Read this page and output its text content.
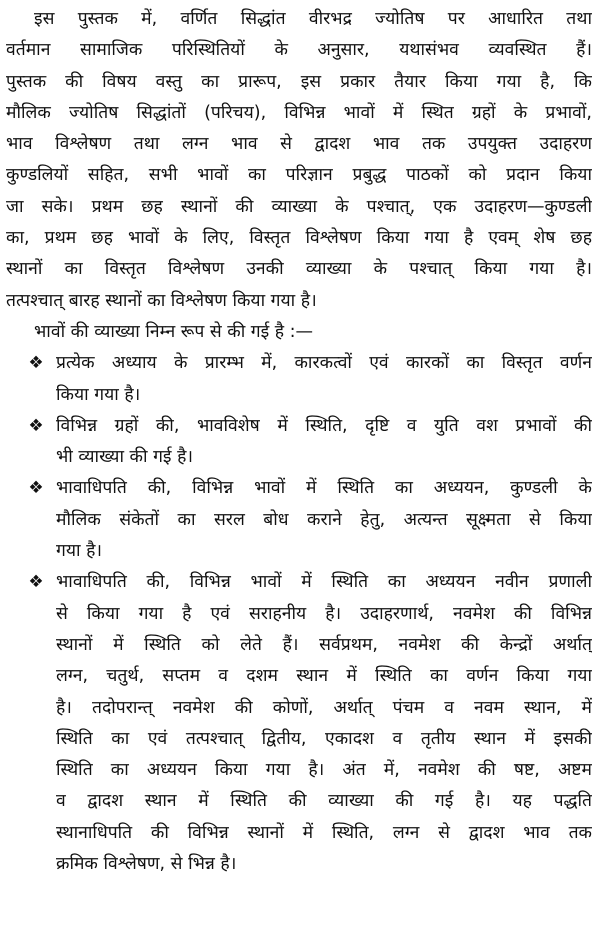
इस पुस्तक में, वर्णित सिद्धांत वीरभद्र ज्योतिष पर आधारित तथा
वर्तमान सामाजिक परिस्थितियों के अनुसार, यथासंभव व्यवस्थित हैं।
पुस्तक की विषय वस्तु का प्रारूप, इस प्रकार तैयार किया गया है, कि
मौलिक ज्योतिष सिद्धांतों (परिचय), विभिन्न भावों में स्थित ग्रहों के प्रभावों,
भाव विश्लेषण तथा लग्न भाव से द्वादश भाव तक उपयुक्त उदाहरण
कुण्डलियों सहित, सभी भावों का परिज्ञान प्रबुद्ध पाठकों को प्रदान किया
जा सके। प्रथम छह स्थानों की व्याख्या के पश्चात्, एक उदाहरण—कुण्डली
का, प्रथम छह भावों के लिए, विस्तृत विश्लेषण किया गया है एवम् शेष छह
स्थानों का विस्तृत विश्लेषण उनकी व्याख्या के पश्चात् किया गया है।
तत्पश्चात् बारह स्थानों का विश्लेषण किया गया है।

भावों की व्याख्या निम्न रूप से की गई है :—

❖ प्रत्येक अध्याय के प्रारम्भ में, कारकत्वों एवं कारकों का विस्तृत वर्णन
किया गया है।
❖ विभिन्न ग्रहों की, भावविशेष में स्थिति, दृष्टि व युति वश प्रभावों की
भी व्याख्या की गई है।
❖ भावाधिपति की, विभिन्न भावों में स्थिति का अध्ययन, कुण्डली के
मौलिक संकेतों का सरल बोध कराने हेतु, अत्यन्त सूक्ष्मता से किया
गया है।
❖ भावाधिपति की, विभिन्न भावों में स्थिति का अध्ययन नवीन प्रणाली
से किया गया है एवं सराहनीय है। उदाहरणार्थ, नवमेश की विभिन्न
स्थानों में स्थिति को लेते हैं। सर्वप्रथम, नवमेश की केन्द्रों अर्थात्
लग्न, चतुर्थ, सप्तम व दशम स्थान में स्थिति का वर्णन किया गया
है। तदोपरान्त् नवमेश की कोणों, अर्थात् पंचम व नवम स्थान, में
स्थिति का एवं तत्पश्चात् द्वितीय, एकादश व तृतीय स्थान में इसकी
स्थिति का अध्ययन किया गया है। अंत में, नवमेश की षष्ट, अष्टम
व द्वादश स्थान में स्थिति की व्याख्या की गई है। यह पद्धति
स्थानाधिपति की विभिन्न स्थानों में स्थिति, लग्न से द्वादश भाव तक
क्रमिक विश्लेषण, से भिन्न है।
